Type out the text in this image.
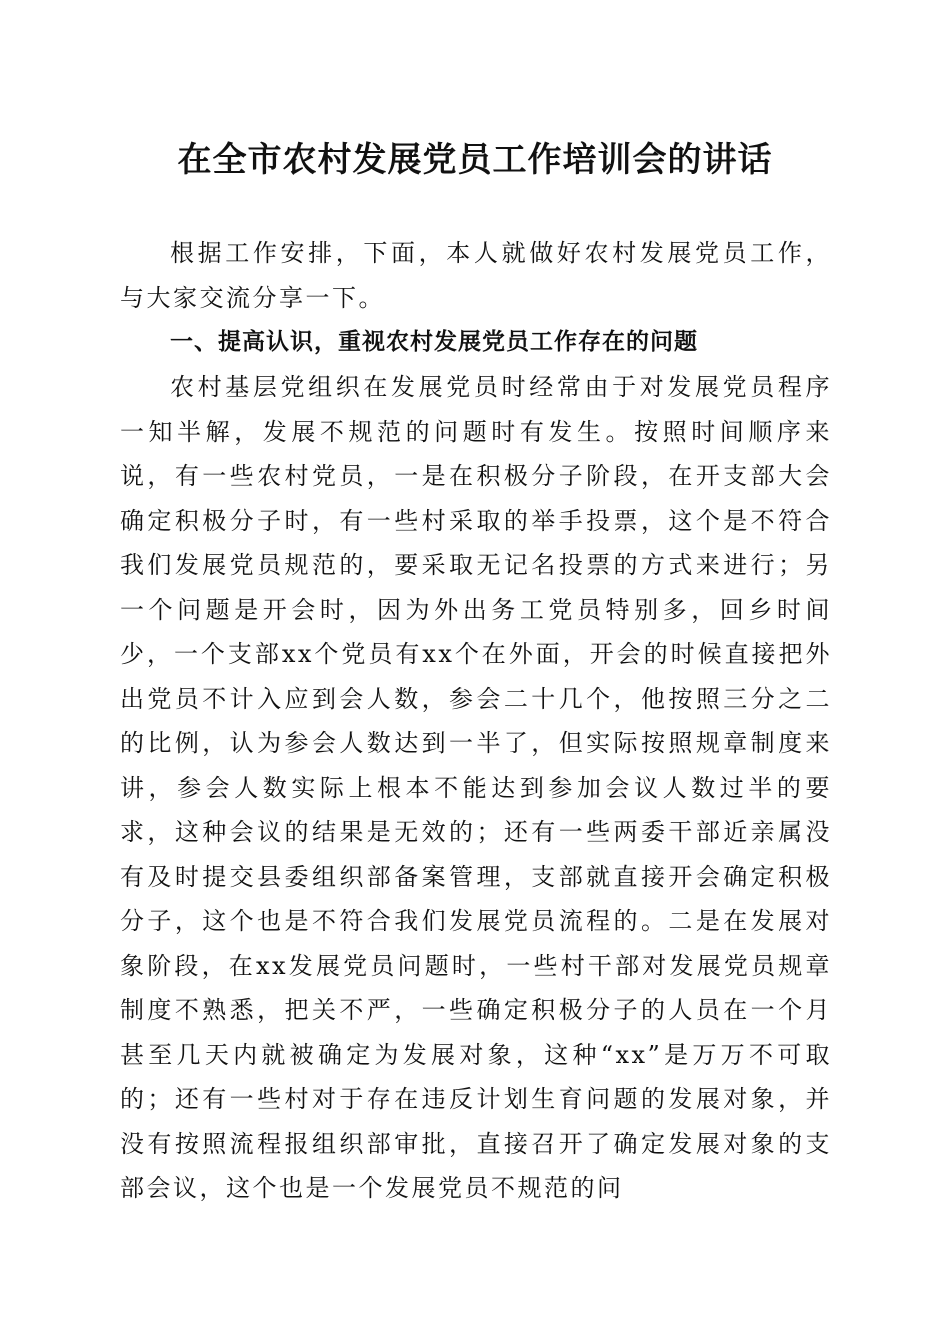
在全市农村发展党员工作培训会的讲话

根据工作安排，下面，本人就做好农村发展党员工作，与大家交流分享一下。

一、提高认识，重视农村发展党员工作存在的问题

农村基层党组织在发展党员时经常由于对发展党员程序一知半解，发展不规范的问题时有发生。按照时间顺序来说，有一些农村党员，一是在积极分子阶段，在开支部大会确定积极分子时，有一些村采取的举手投票，这个是不符合我们发展党员规范的，要采取无记名投票的方式来进行；另一个问题是开会时，因为外出务工党员特别多，回乡时间少，一个支部xx个党员有xx个在外面，开会的时候直接把外出党员不计入应到会人数，参会二十几个，他按照三分之二的比例，认为参会人数达到一半了，但实际按照规章制度来讲，参会人数实际上根本不能达到参加会议人数过半的要求，这种会议的结果是无效的；还有一些两委干部近亲属没有及时提交县委组织部备案管理，支部就直接开会确定积极分子，这个也是不符合我们发展党员流程的。二是在发展对象阶段，在xx发展党员问题时，一些村干部对发展党员规章制度不熟悉，把关不严，一些确定积极分子的人员在一个月甚至几天内就被确定为发展对象，这种“xx”是万万不可取的；还有一些村对于存在违反计划生育问题的发展对象，并没有按照流程报组织部审批，直接召开了确定发展对象的支部会议，这个也是一个发展党员不规范的问
